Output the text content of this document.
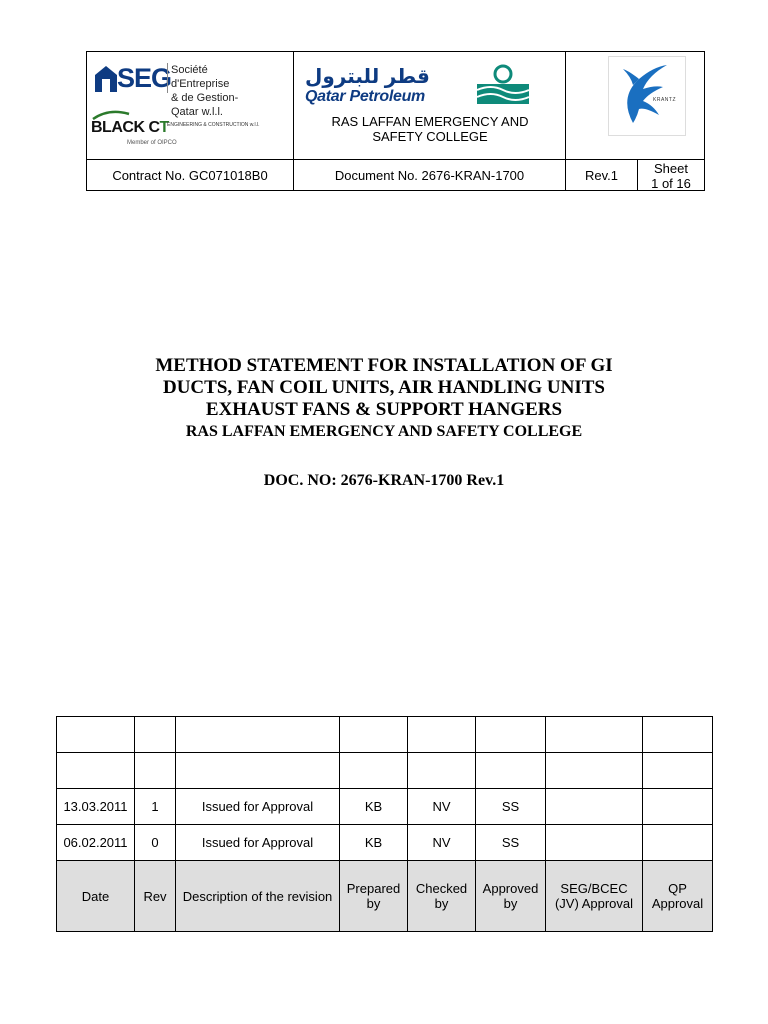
SEG Société d'Entreprise
& de Gestion-Qatar w.l.l.
BLACK CT
ENGINEERING & CONSTRUCTION w.l.l.
Member of OIPCO
قطر للبترول
Qatar Petroleum
RAS LAFFAN EMERGENCY AND
SAFETY COLLEGE
KRANTZ
Contract No. GC071018B0	Document No. 2676-KRAN-1700	Rev.1	Sheet
1 of 16
METHOD STATEMENT FOR INSTALLATION OF GI
DUCTS, FAN COIL UNITS, AIR HANDLING UNITS
EXHAUST FANS & SUPPORT HANGERS
RAS LAFFAN EMERGENCY AND SAFETY COLLEGE
DOC. NO: 2676-KRAN-1700 Rev.1

13.03.2011	1	Issued for Approval	KB	NV	SS		
06.02.2011	0	Issued for Approval	KB	NV	SS		
Date	Rev	Description of the revision	Prepared
by	Checked
by	Approved
by	SEG/BCEC
(JV) Approval	QP
Approval
